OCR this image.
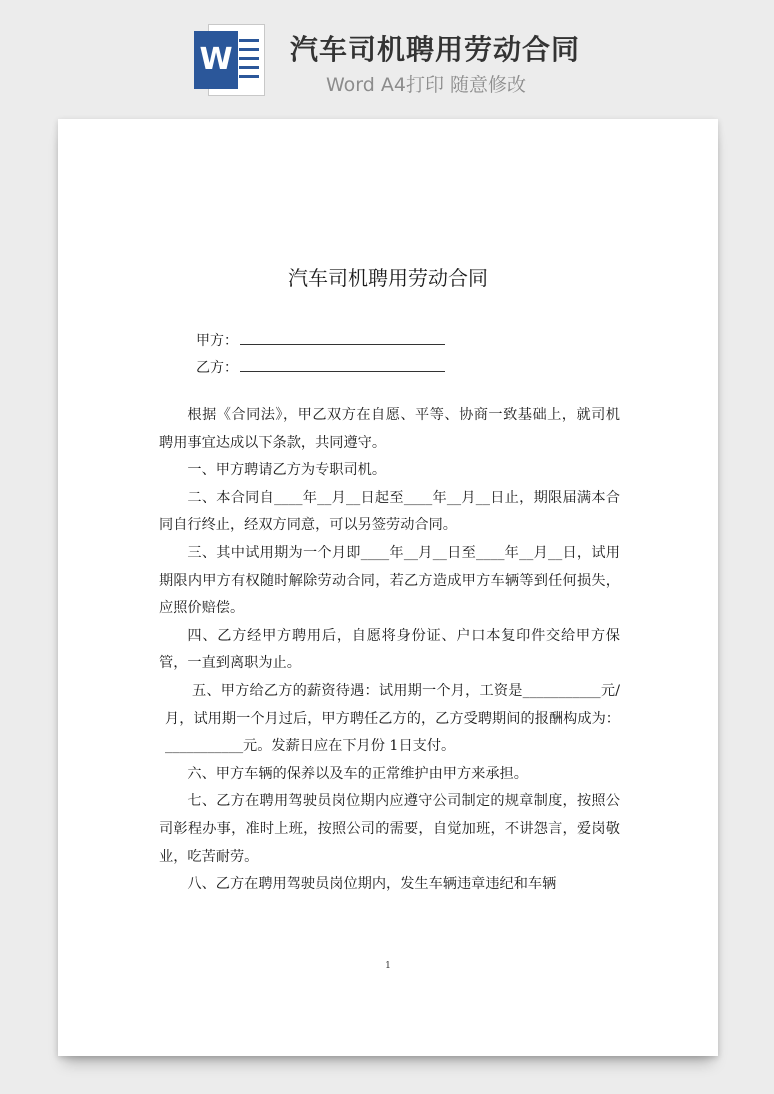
W 汽车司机聘用劳动合同
Word A4打印 随意修改
汽车司机聘用劳动合同
甲方：
乙方：

根据《合同法》，甲乙双方在自愿、平等、协商一致基础上，就司机聘用事宜达成以下条款，共同遵守。

一、甲方聘请乙方为专职司机。

二、本合同自____年__月__日起至____年__月__日止，期限届满本合同自行终止，经双方同意，可以另签劳动合同。

三、其中试用期为一个月即____年__月__日至____年__月__日，试用期限内甲方有权随时解除劳动合同，若乙方造成甲方车辆等到任何损失，应照价赔偿。

四、乙方经甲方聘用后，自愿将身份证、户口本复印件交给甲方保管，一直到离职为止。

五、甲方给乙方的薪资待遇：试用期一个月，工资是___________元/月，试用期一个月过后，甲方聘任乙方的，乙方受聘期间的报酬构成为：___________元。发薪日应在下月份 1日支付。

六、甲方车辆的保养以及车的正常维护由甲方来承担。

七、乙方在聘用驾驶员岗位期内应遵守公司制定的规章制度，按照公司彰程办事，准时上班，按照公司的需要，自觉加班，不讲怨言，爱岗敬业，吃苦耐劳。

八、乙方在聘用驾驶员岗位期内，发生车辆违章违纪和车辆

1
